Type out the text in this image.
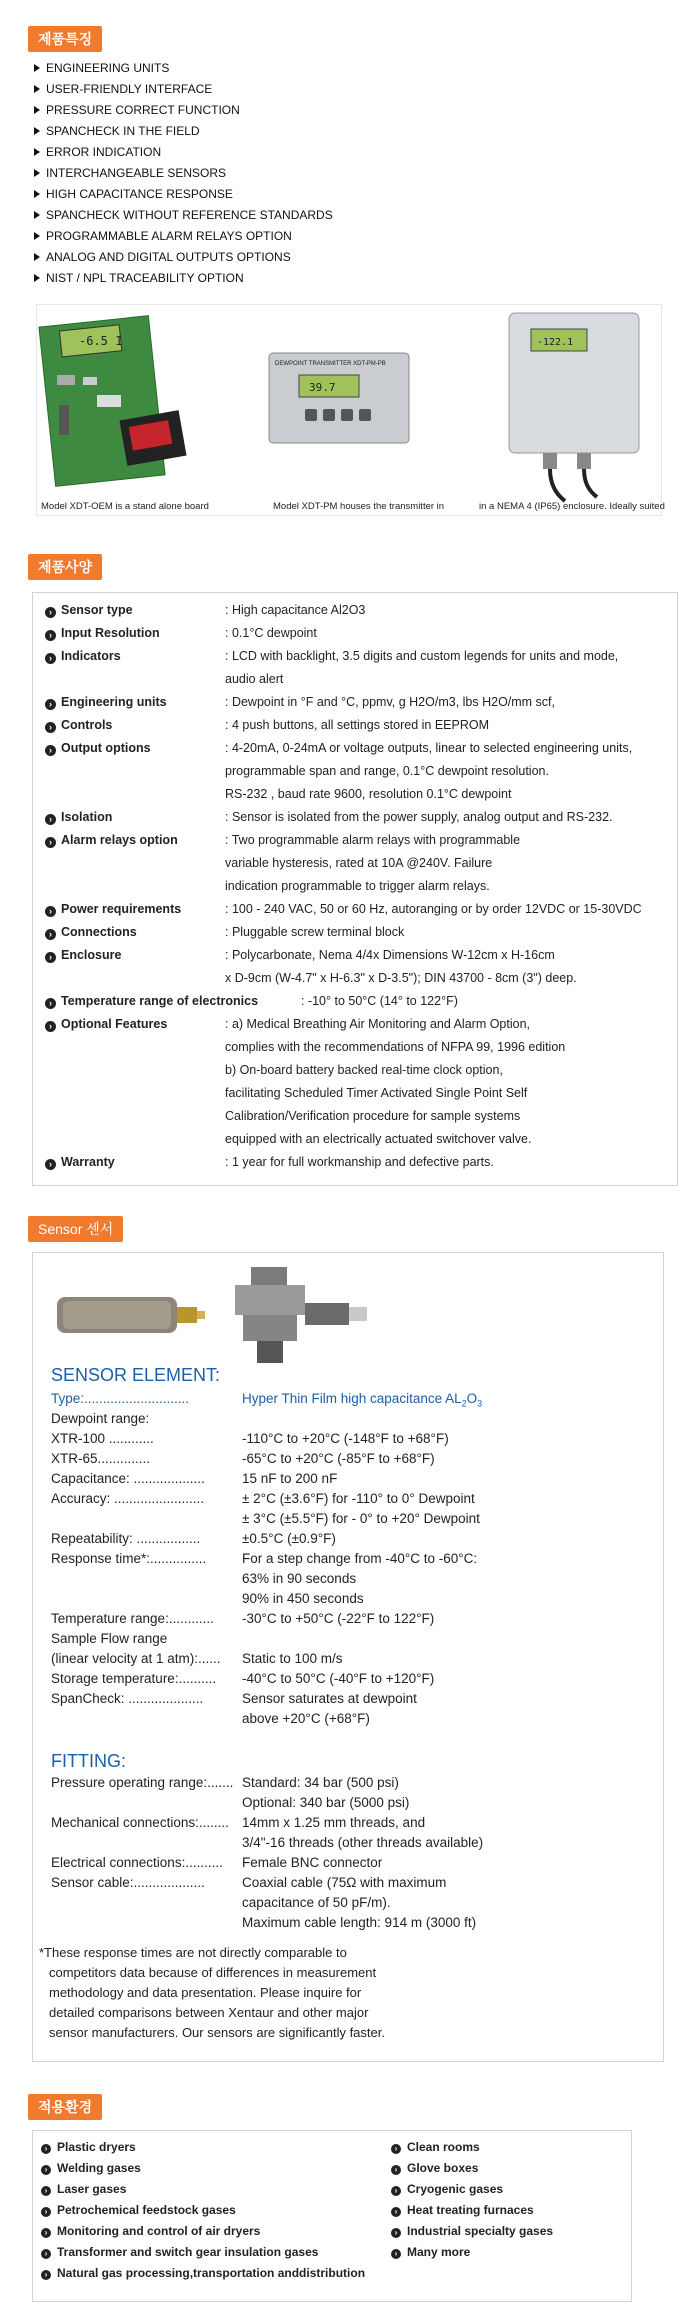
제품특징
ENGINEERING UNITS
USER-FRIENDLY INTERFACE
PRESSURE CORRECT FUNCTION
SPANCHECK IN THE FIELD
ERROR INDICATION
INTERCHANGEABLE SENSORS
HIGH CAPACITANCE RESPONSE
SPANCHECK WITHOUT REFERENCE STANDARDS
PROGRAMMABLE ALARM RELAYS OPTION
ANALOG AND DIGITAL OUTPUTS OPTIONS
NIST / NPL TRACEABILITY OPTION
-6.5 1
DEWPOINT TRANSMITTER XDT-PM-PB
39.7
-122.1
Model XDT-OEM is a stand alone board	Model XDT-PM houses the transmitter in	in a NEMA 4 (IP65) enclosure. Ideally suited
제품사양
› Sensor type	: High capacitance Al2O3
› Input Resolution	: 0.1°C dewpoint
› Indicators	: LCD with backlight, 3.5 digits and custom legends for units and mode,
audio alert
› Engineering units	: Dewpoint in °F and °C, ppmv, g H2O/m3, lbs H2O/mm scf,
› Controls	: 4 push buttons, all settings stored in EEPROM
› Output options	: 4-20mA, 0-24mA or voltage outputs, linear to selected engineering units,
programmable span and range, 0.1°C dewpoint resolution.
RS-232 , baud rate 9600, resolution 0.1°C dewpoint
› Isolation	: Sensor is isolated from the power supply, analog output and RS-232.
› Alarm relays option	: Two programmable alarm relays with programmable
variable hysteresis, rated at 10A @240V. Failure
indication programmable to trigger alarm relays.
› Power requirements	: 100 - 240 VAC, 50 or 60 Hz, autoranging or by order 12VDC or 15-30VDC
› Connections	: Pluggable screw terminal block
› Enclosure	: Polycarbonate, Nema 4/4x Dimensions W-12cm x H-16cm
x D-9cm (W-4.7" x H-6.3" x D-3.5"); DIN 43700 - 8cm (3") deep.
› Temperature range of electronics	: -10° to 50°C (14° to 122°F)
› Optional Features	: a) Medical Breathing Air Monitoring and Alarm Option,
complies with the recommendations of NFPA 99, 1996 edition
b) On-board battery backed real-time clock option,
facilitating Scheduled Timer Activated Single Point Self
Calibration/Verification procedure for sample systems
equipped with an electrically actuated switchover valve.
› Warranty	: 1 year for full workmanship and defective parts.
Sensor 센서
SENSOR ELEMENT:
Type:............................	Hyper Thin Film high capacitance $AL_2O_3$
Dewpoint range:
XTR-100 ............	-110°C to +20°C (-148°F to +68°F)
XTR-65..............	-65°C to +20°C (-85°F to +68°F)
Capacitance: ...................	15 nF to 200 nF
Accuracy: ........................	± 2°C (±3.6°F) for -110° to 0° Dewpoint
± 3°C (±5.5°F) for - 0° to +20° Dewpoint
Repeatability: .................	±0.5°C (±0.9°F)
Response time*:...............	For a step change from -40°C to -60°C:
63% in 90 seconds
90% in 450 seconds
Temperature range:............ -30°C to +50°C (-22°F to 122°F)
Sample Flow range
(linear velocity at 1 atm):...... Static to 100 m/s
Storage temperature:.......... -40°C to 50°C (-40°F to +120°F)
SpanCheck: ....................	Sensor saturates at dewpoint
above +20°C (+68°F)
FITTING:
Pressure operating range:....... Standard: 34 bar (500 psi)
Optional: 340 bar (5000 psi)
Mechanical connections:........ 14mm x 1.25 mm threads, and
3/4"-16 threads (other threads available)
Electrical connections:.......... Female BNC connector
Sensor cable:...................	Coaxial cable (75Ω with maximum
capacitance of 50 pF/m).
Maximum cable length: 914 m (3000 ft)
*These response times are not directly comparable to
competitors data because of differences in measurement
methodology and data presentation. Please inquire for
detailed comparisons between Xentaur and other major
sensor manufacturers. Our sensors are significantly faster.
적용환경
› Plastic dryers
› Welding gases
› Laser gases
› Petrochemical feedstock gases
› Monitoring and control of air dryers
› Transformer and switch gear insulation gases
› Natural gas processing,transportation anddistribution
› Clean rooms
› Glove boxes
› Cryogenic gases
› Heat treating furnaces
› Industrial specialty gases
› Many more
